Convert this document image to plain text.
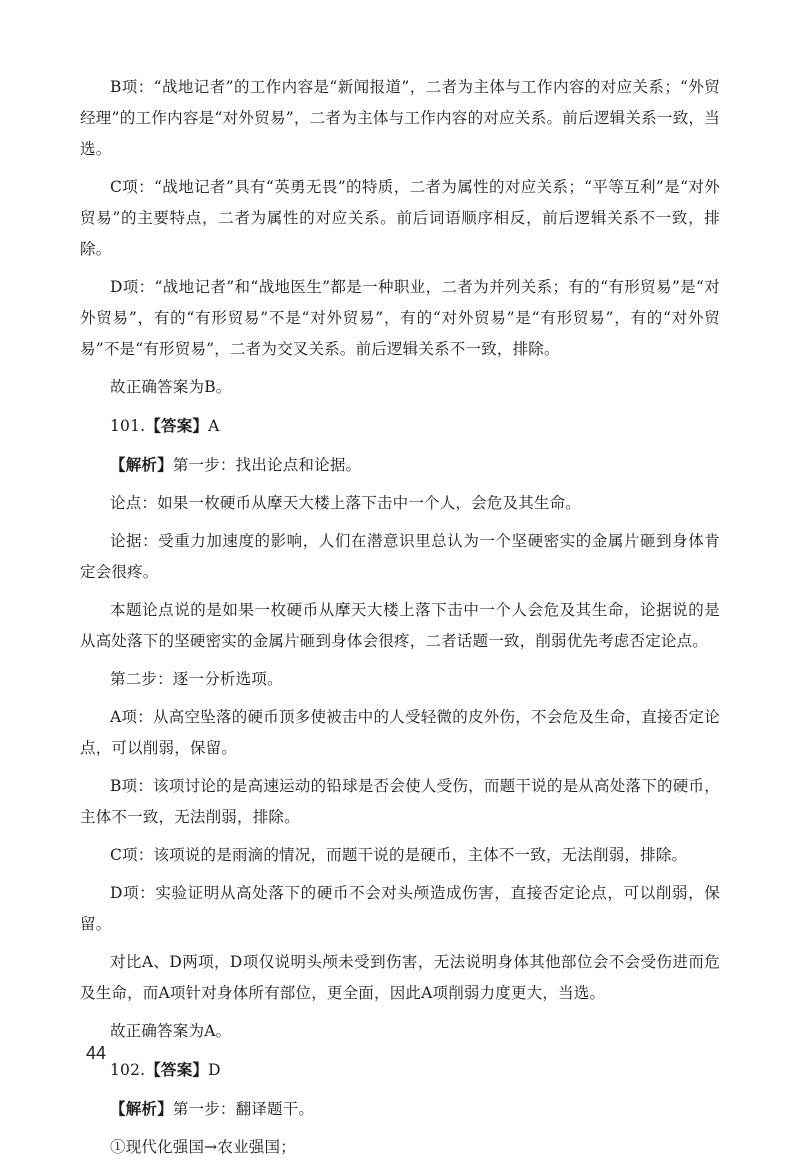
B项：“战地记者”的工作内容是“新闻报道”，二者为主体与工作内容的对应关系；“外贸经理”的工作内容是“对外贸易”，二者为主体与工作内容的对应关系。前后逻辑关系一致，当选。

C项：“战地记者”具有“英勇无畏”的特质，二者为属性的对应关系；“平等互利”是“对外贸易”的主要特点，二者为属性的对应关系。前后词语顺序相反，前后逻辑关系不一致，排除。

D项：“战地记者”和“战地医生”都是一种职业，二者为并列关系；有的“有形贸易”是“对外贸易”，有的“有形贸易”不是“对外贸易”，有的“对外贸易”是“有形贸易”，有的“对外贸易”不是“有形贸易”，二者为交叉关系。前后逻辑关系不一致，排除。

故正确答案为B。

101.【答案】A

【解析】第一步：找出论点和论据。

论点：如果一枚硬币从摩天大楼上落下击中一个人，会危及其生命。

论据：受重力加速度的影响，人们在潜意识里总认为一个坚硬密实的金属片砸到身体肯定会很疼。

本题论点说的是如果一枚硬币从摩天大楼上落下击中一个人会危及其生命，论据说的是从高处落下的坚硬密实的金属片砸到身体会很疼，二者话题一致，削弱优先考虑否定论点。

第二步：逐一分析选项。

A项：从高空坠落的硬币顶多使被击中的人受轻微的皮外伤，不会危及生命，直接否定论点，可以削弱，保留。

B项：该项讨论的是高速运动的铅球是否会使人受伤，而题干说的是从高处落下的硬币，主体不一致，无法削弱，排除。

C项：该项说的是雨滴的情况，而题干说的是硬币，主体不一致，无法削弱，排除。

D项：实验证明从高处落下的硬币不会对头颅造成伤害，直接否定论点，可以削弱，保留。

对比A、D两项，D项仅说明头颅未受到伤害，无法说明身体其他部位会不会受伤进而危及生命，而A项针对身体所有部位，更全面，因此A项削弱力度更大，当选。

故正确答案为A。

102.【答案】D

【解析】第一步：翻译题干。

①现代化强国→农业强国；

44
